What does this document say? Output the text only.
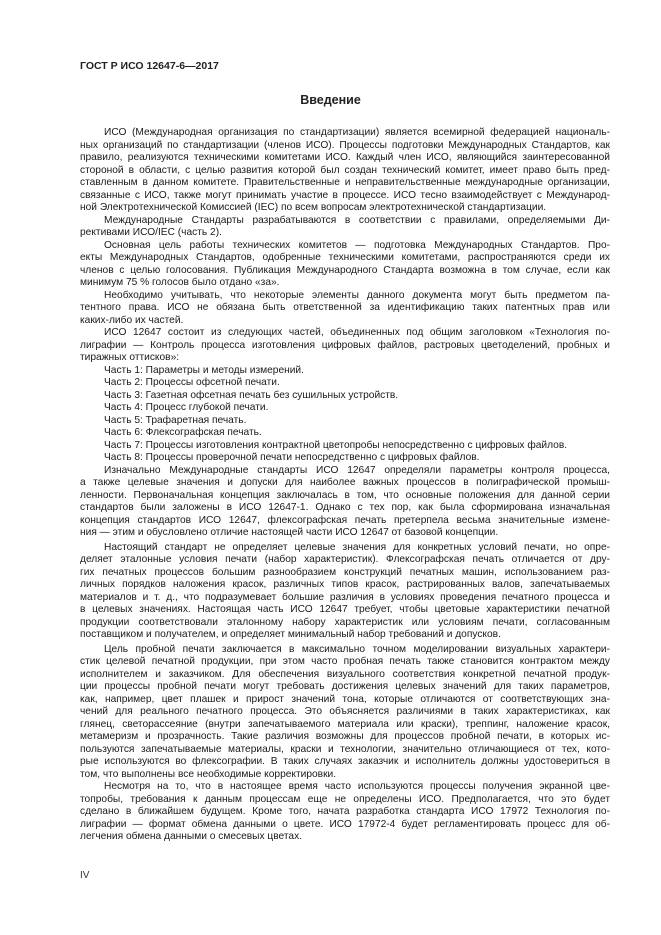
ГОСТ Р ИСО 12647-6—2017
Введение
ИСО (Международная организация по стандартизации) является всемирной федерацией националь-
ных организаций по стандартизации (членов ИСО). Процессы подготовки Международных Стандартов, как
правило, реализуются техническими комитетами ИСО. Каждый член ИСО, являющийся заинтересованной
стороной в области, с целью развития которой был создан технический комитет, имеет право быть пред-
ставленным в данном комитете. Правительственные и неправительственные международные организации,
связанные с ИСО, также могут принимать участие в процессе. ИСО тесно взаимодействует с Международ-
ной Электротехнической Комиссией (IEC) по всем вопросам электротехнической стандартизации.
Международные Стандарты разрабатываются в соответствии с правилами, определяемыми Ди-
рективами ИСО/IEC (часть 2).
Основная цель работы технических комитетов — подготовка Международных Стандартов. Про-
екты Международных Стандартов, одобренные техническими комитетами, распространяются среди их
членов с целью голосования. Публикация Международного Стандарта возможна в том случае, если как
минимум 75 % голосов было отдано «за».
Необходимо учитывать, что некоторые элементы данного документа могут быть предметом па-
тентного права. ИСО не обязана быть ответственной за идентификацию таких патентных прав или
каких-либо их частей.
ИСО 12647 состоит из следующих частей, объединенных под общим заголовком «Технология по-
лиграфии — Контроль процесса изготовления цифровых файлов, растровых цветоделений, пробных и
тиражных оттисков»:
Часть 1: Параметры и методы измерений.
Часть 2: Процессы офсетной печати.
Часть 3: Газетная офсетная печать без сушильных устройств.
Часть 4: Процесс глубокой печати.
Часть 5: Трафаретная печать.
Часть 6: Флексографская печать.
Часть 7: Процессы изготовления контрактной цветопробы непосредственно с цифровых файлов.
Часть 8: Процессы проверочной печати непосредственно с цифровых файлов.
Изначально Международные стандарты ИСО 12647 определяли параметры контроля процесса,
а также целевые значения и допуски для наиболее важных процессов в полиграфической промыш-
ленности. Первоначальная концепция заключалась в том, что основные положения для данной серии
стандартов были заложены в ИСО 12647-1. Однако с тех пор, как была сформирована изначальная
концепция стандартов ИСО 12647, флексографская печать претерпела весьма значительные измене-
ния — этим и обусловлено отличие настоящей части ИСО 12647 от базовой концепции.
Настоящий стандарт не определяет целевые значения для конкретных условий печати, но опре-
деляет эталонные условия печати (набор характеристик). Флексографская печать отличается от дру-
гих печатных процессов большим разнообразием конструкций печатных машин, использованием раз-
личных порядков наложения красок, различных типов красок, растрированных валов, запечатываемых
материалов и т. д., что подразумевает большие различия в условиях проведения печатного процесса и
в целевых значениях. Настоящая часть ИСО 12647 требует, чтобы цветовые характеристики печатной
продукции соответствовали эталонному набору характеристик или условиям печати, согласованным
поставщиком и получателем, и определяет минимальный набор требований и допусков.
Цель пробной печати заключается в максимально точном моделировании визуальных характери-
стик целевой печатной продукции, при этом часто пробная печать также становится контрактом между
исполнителем и заказчиком. Для обеспечения визуального соответствия конкретной печатной продук-
ции процессы пробной печати могут требовать достижения целевых значений для таких параметров,
как, например, цвет плашек и прирост значений тона, которые отличаются от соответствующих зна-
чений для реального печатного процесса. Это объясняется различиями в таких характеристиках, как
глянец, светорассеяние (внутри запечатываемого материала или краски), треппинг, наложение красок,
метамеризм и прозрачность. Такие различия возможны для процессов пробной печати, в которых ис-
пользуются запечатываемые материалы, краски и технологии, значительно отличающиеся от тех, кото-
рые используются во флексографии. В таких случаях заказчик и исполнитель должны удостовериться в
том, что выполнены все необходимые корректировки.
Несмотря на то, что в настоящее время часто используются процессы получения экранной цве-
топробы, требования к данным процессам еще не определены ИСО. Предполагается, что это будет
сделано в ближайшем будущем. Кроме того, начата разработка стандарта ИСО 17972 Технология по-
лиграфии — формат обмена данными о цвете. ИСО 17972-4 будет регламентировать процесс для об-
легчения обмена данными о смесевых цветах.
IV
